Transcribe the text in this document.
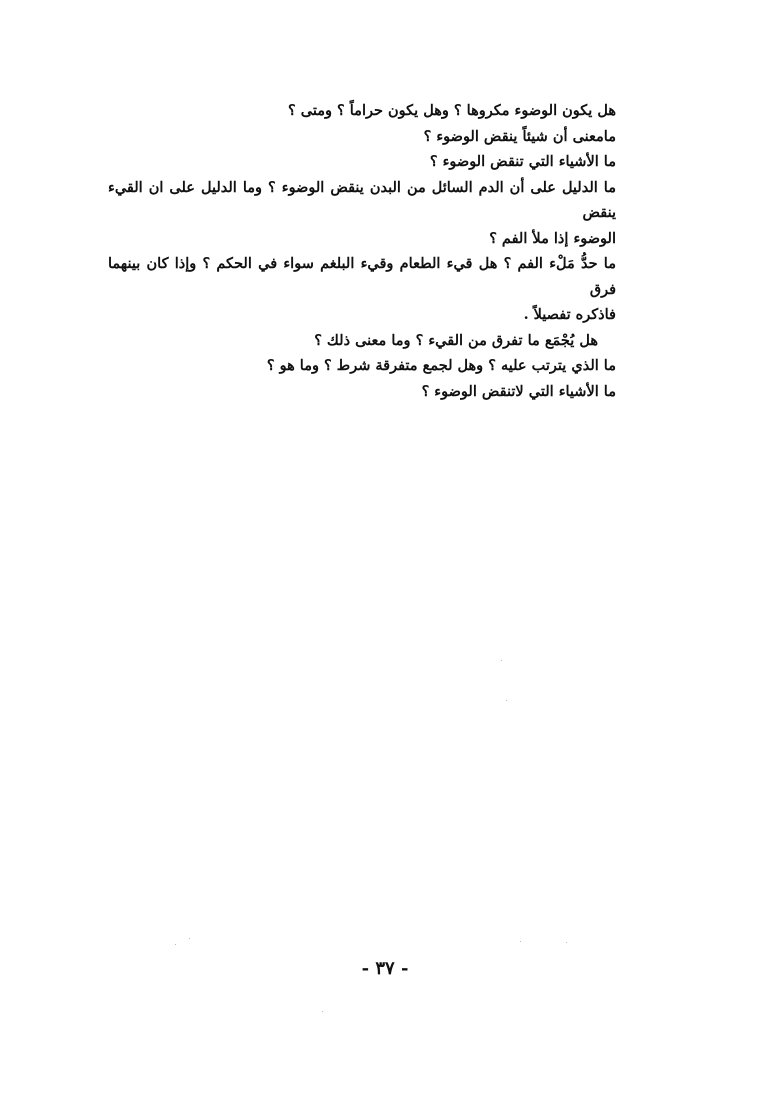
هل يكون الوضوء مكروها ؟ وهل يكون حراماً ؟ ومتى ؟
مامعنى أن شيئاً ينقض الوضوء ؟
ما الأشياء التي تنقض الوضوء ؟
ما الدليل على أن الدم السائل من البدن ينقض الوضوء ؟ وما الدليل على ان القيء ينقض
الوضوء إذا ملأ الفم ؟
ما حدُّ مَلْء الفم ؟ هل قيء الطعام وقيء البلغم سواء في الحكم ؟ وإذا كان بينهما فرق
فاذكره تفصيلاً .
هل يُجْمَع ما تفرق من القيء ؟ وما معنى ذلك ؟
ما الذي يترتب عليه ؟ وهل لجمع متفرقة شرط ؟ وما هو ؟
ما الأشياء التي لاتنقض الوضوء ؟
- ٣٧ -
